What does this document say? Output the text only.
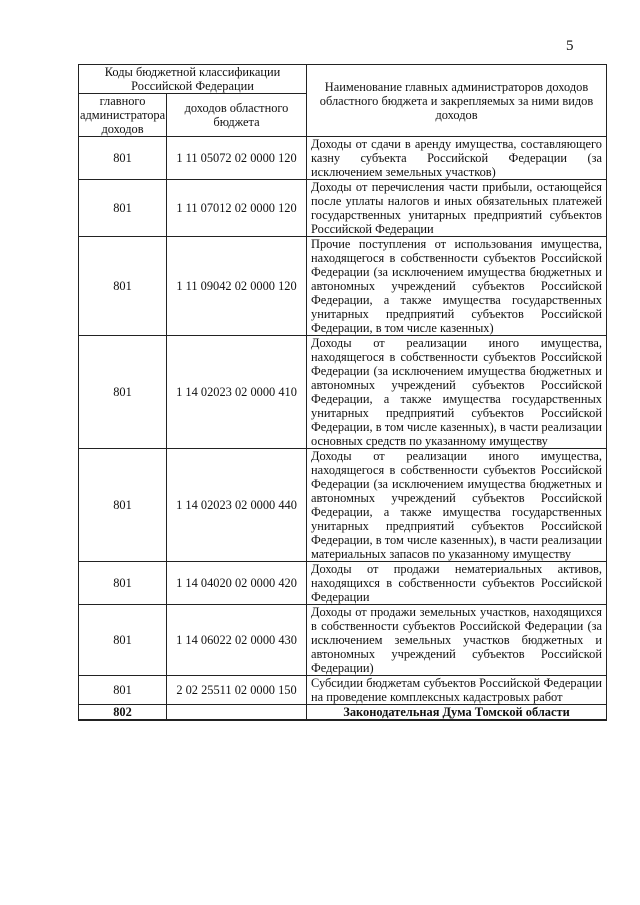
5
Коды бюджетной классификации Российской Федерации		Наименование главных администраторов доходов областного бюджета и закрепляемых за ними видов доходов
главного администратора доходов	доходов областного бюджета	
801	1 11 05072 02 0000 120	Доходы от сдачи в аренду имущества, составляющего казну субъекта Российской Федерации (за исключением земельных участков)
801	1 11 07012 02 0000 120	Доходы от перечисления части прибыли, остающейся после уплаты налогов и иных обязательных платежей государственных унитарных предприятий субъектов Российской Федерации
801	1 11 09042 02 0000 120	Прочие поступления от использования имущества, находящегося в собственности субъектов Российской Федерации (за исключением имущества бюджетных и автономных учреждений субъектов Российской Федерации, а также имущества государственных унитарных предприятий субъектов Российской Федерации, в том числе казенных)
801	1 14 02023 02 0000 410	Доходы от реализации иного имущества, находящегося в собственности субъектов Российской Федерации (за исключением имущества бюджетных и автономных учреждений субъектов Российской Федерации, а также имущества государственных унитарных предприятий субъектов Российской Федерации, в том числе казенных), в части реализации основных средств по указанному имуществу
801	1 14 02023 02 0000 440	Доходы от реализации иного имущества, находящегося в собственности субъектов Российской Федерации (за исключением имущества бюджетных и автономных учреждений субъектов Российской Федерации, а также имущества государственных унитарных предприятий субъектов Российской Федерации, в том числе казенных), в части реализации материальных запасов по указанному имуществу
801	1 14 04020 02 0000 420	Доходы от продажи нематериальных активов, находящихся в собственности субъектов Российской Федерации
801	1 14 06022 02 0000 430	Доходы от продажи земельных участков, находящихся в собственности субъектов Российской Федерации (за исключением земельных участков бюджетных и автономных учреждений субъектов Российской Федерации)
801	2 02 25511 02 0000 150	Субсидии бюджетам субъектов Российской Федерации на проведение комплексных кадастровых работ
802		Законодательная Дума Томской области
